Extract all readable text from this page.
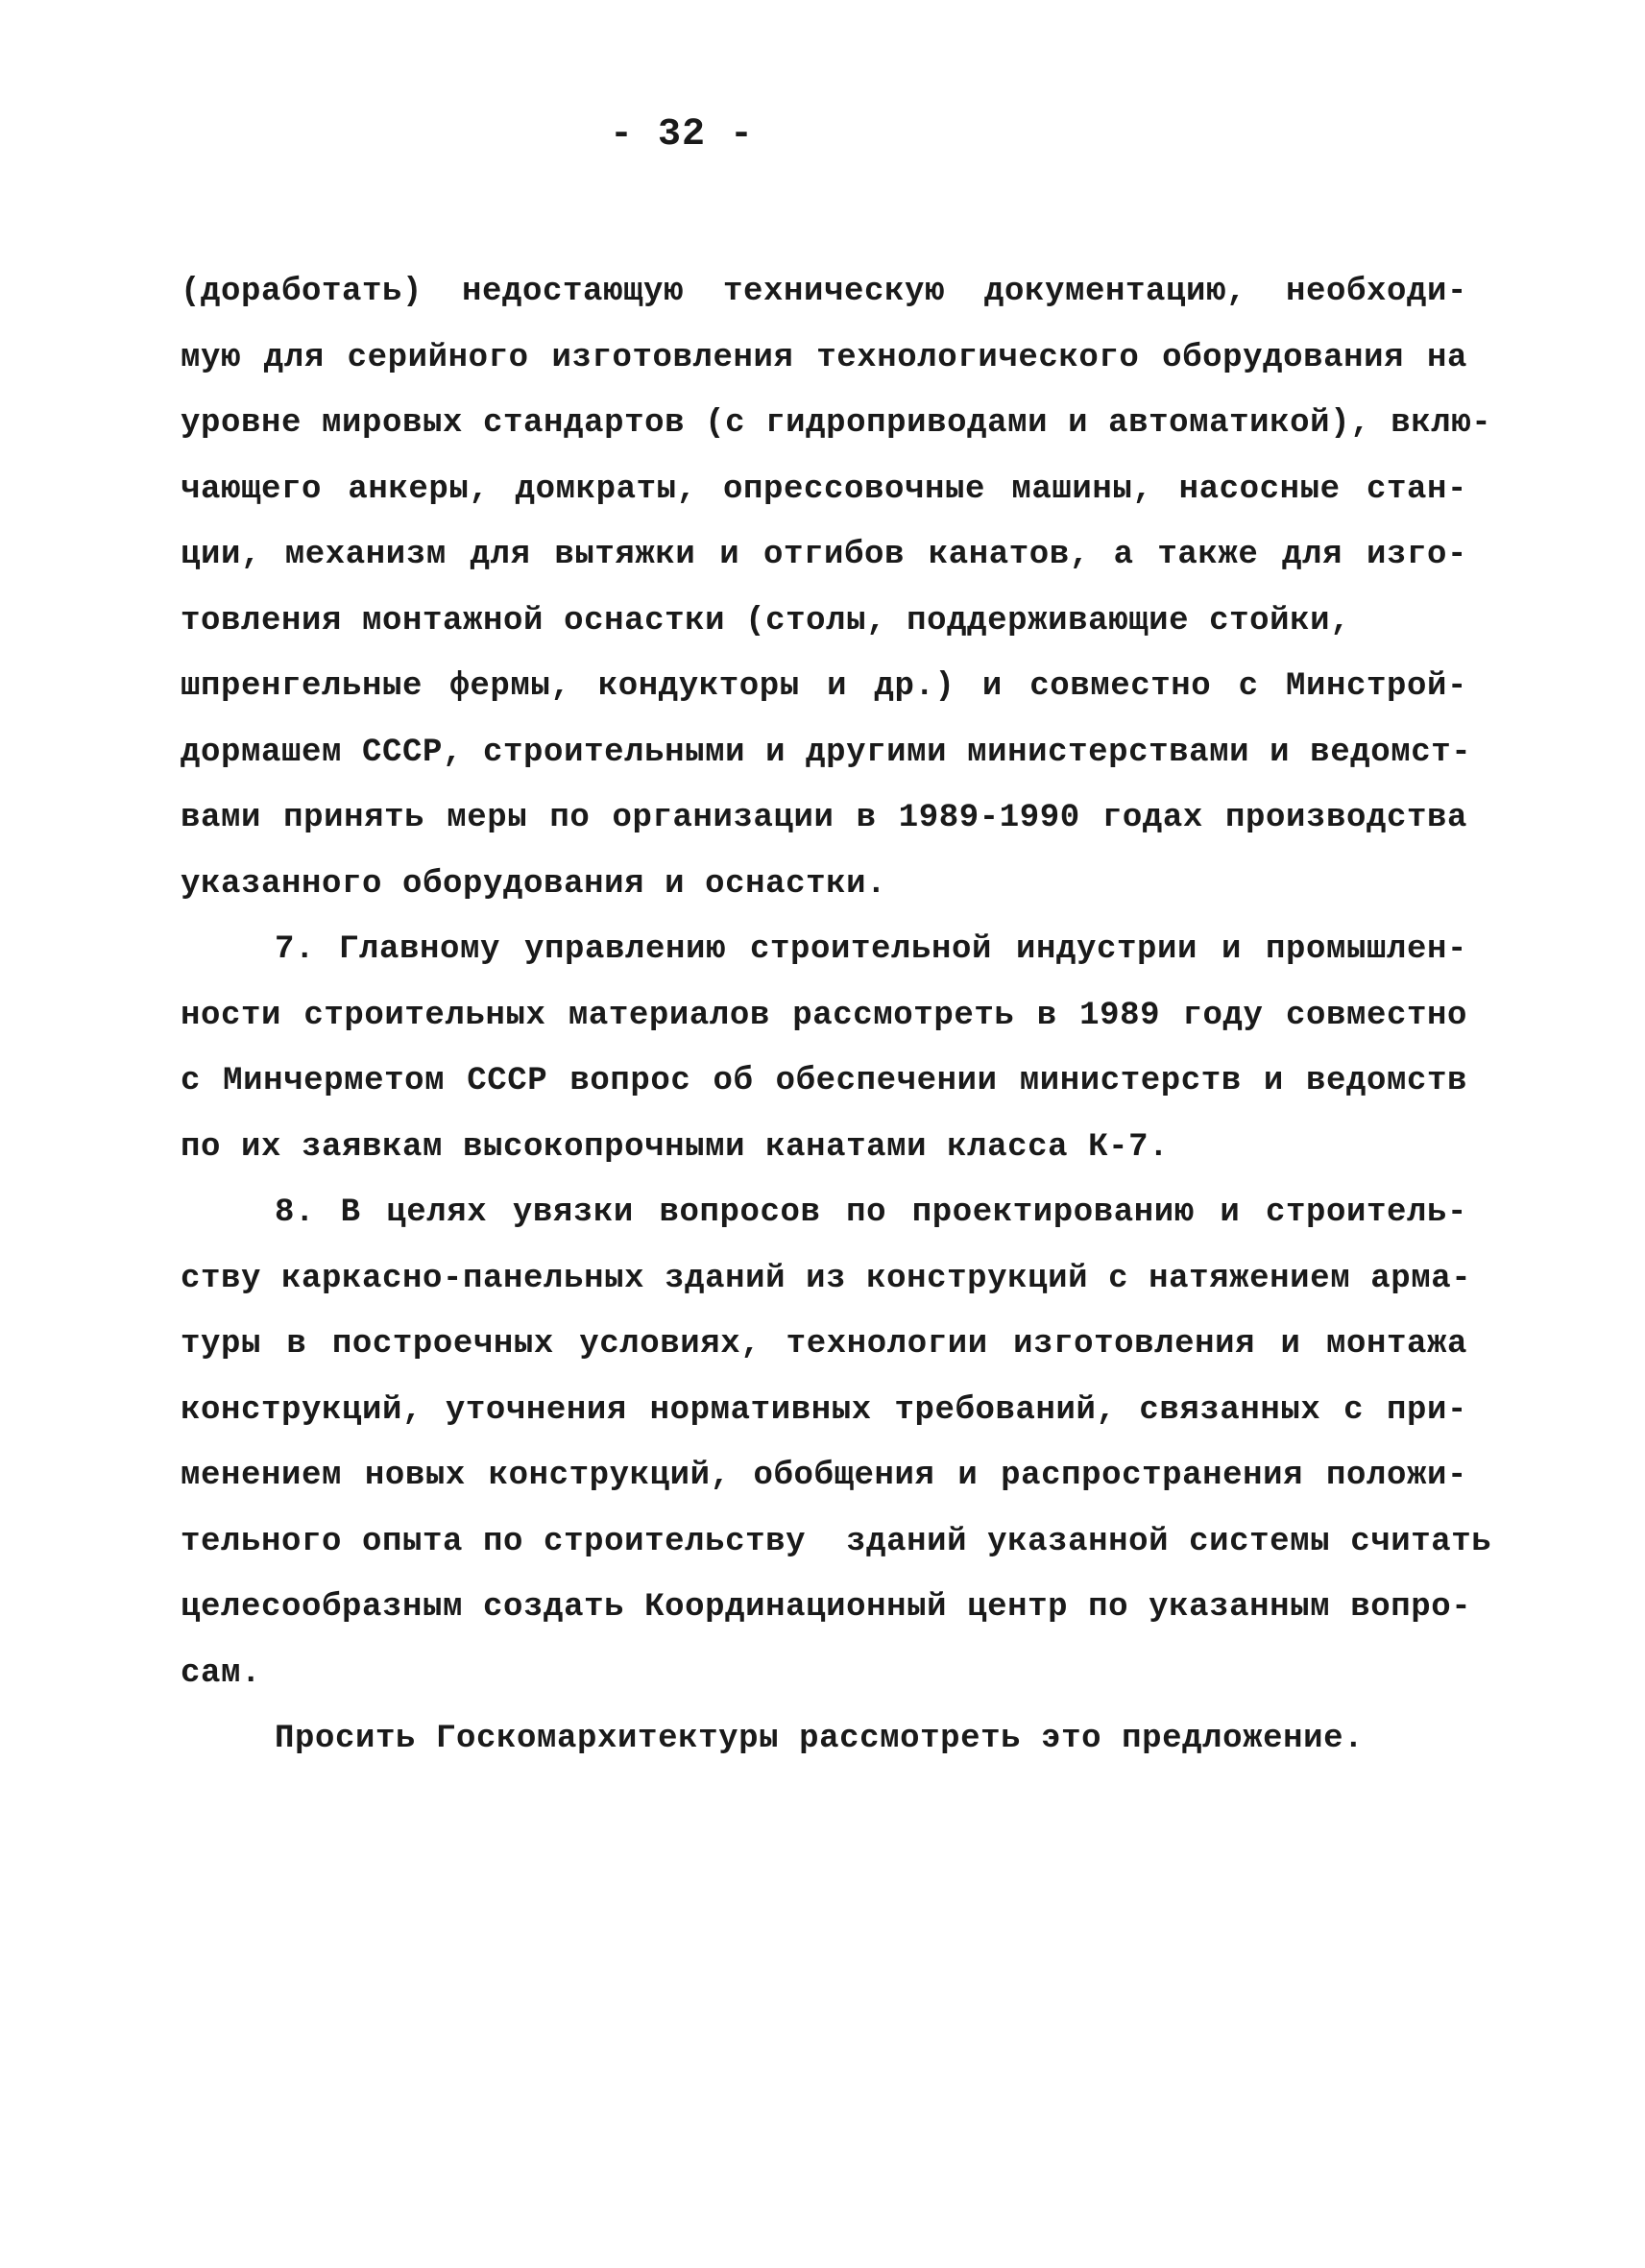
- 32 -
(доработать) недостающую техническую документацию, необходи-
мую для серийного изготовления технологического оборудования на
уровне мировых стандартов (с гидроприводами и автоматикой), вклю-
чающего анкеры, домкраты, опрессовочные машины, насосные стан-
ции, механизм для вытяжки и отгибов канатов, а также для изго-
товления монтажной оснастки (столы, поддерживающие стойки,
шпренгельные фермы, кондукторы и др.) и совместно с Минстрой-
дормашем СССР, строительными и другими министерствами и ведомст-
вами принять меры по организации в 1989-1990 годах производства
указанного оборудования и оснастки.
7. Главному управлению строительной индустрии и промышлен-
ности строительных материалов рассмотреть в 1989 году совместно
с Минчерметом СССР вопрос об обеспечении министерств и ведомств
по их заявкам высокопрочными канатами класса К-7.
8. В целях увязки вопросов по проектированию и строитель-
ству каркасно-панельных зданий из конструкций с натяжением арма-
туры в построечных условиях, технологии изготовления и монтажа
конструкций, уточнения нормативных требований, связанных с при-
менением новых конструкций, обобщения и распространения положи-
тельного опыта по строительству  зданий указанной системы считать
целесообразным создать Координационный центр по указанным вопро-
сам.
Просить Госкомархитектуры рассмотреть это предложение.
